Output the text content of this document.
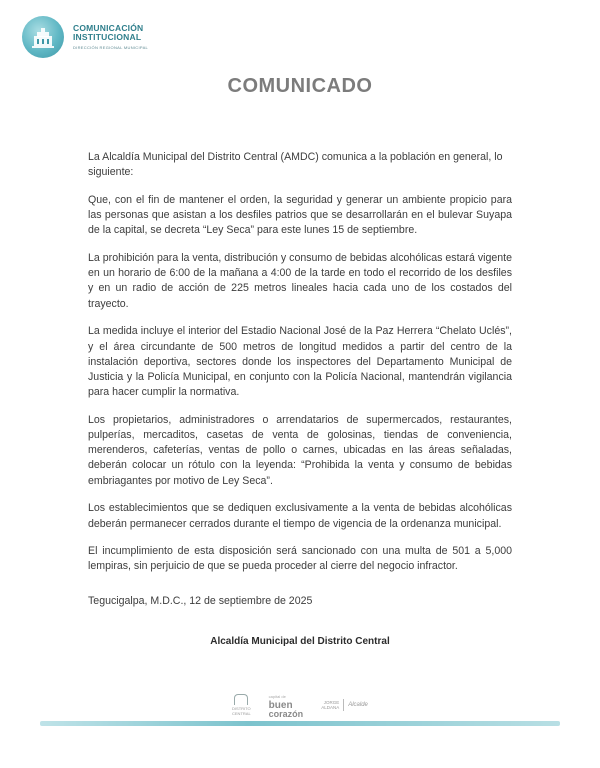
COMUNICACIÓN
INSTITUCIONAL
DIRECCIÓN REGIONAL MUNICIPAL
COMUNICADO

La Alcaldía Municipal del Distrito Central (AMDC) comunica a la población en general, lo siguiente:

Que, con el fin de mantener el orden, la seguridad y generar un ambiente propicio para las personas que asistan a los desfiles patrios que se desarrollarán en el bulevar Suyapa de la capital, se decreta “Ley Seca” para este lunes 15 de septiembre.

La prohibición para la venta, distribución y consumo de bebidas alcohólicas estará vigente en un horario de 6:00 de la mañana a 4:00 de la tarde en todo el recorrido de los desfiles y en un radio de acción de 225 metros lineales hacia cada uno de los costados del trayecto.

La medida incluye el interior del Estadio Nacional José de la Paz Herrera “Chelato Uclés”, y el área circundante de 500 metros de longitud medidos a partir del centro de la instalación deportiva, sectores donde los inspectores del Departamento Municipal de Justicia y la Policía Municipal, en conjunto con la Policía Nacional, mantendrán vigilancia para hacer cumplir la normativa.

Los propietarios, administradores o arrendatarios de supermercados, restaurantes, pulperías, mercaditos, casetas de venta de golosinas, tiendas de conveniencia, merenderos, cafeterías, ventas de pollo o carnes, ubicadas en las áreas señaladas, deberán colocar un rótulo con la leyenda: “Prohibida la venta y consumo de bebidas embriagantes por motivo de Ley Seca”.

Los establecimientos que se dediquen exclusivamente a la venta de bebidas alcohólicas deberán permanecer cerrados durante el tiempo de vigencia de la ordenanza municipal.

El incumplimiento de esta disposición será sancionado con una multa de 501 a 5,000 lempiras, sin perjuicio de que se pueda proceder al cierre del negocio infractor.

Tegucigalpa, M.D.C., 12 de septiembre de 2025
Alcaldía Municipal del Distrito Central
DISTRITO
CENTRAL
capital de
buen
corazón
JORGE
ALDANA Alcalde
